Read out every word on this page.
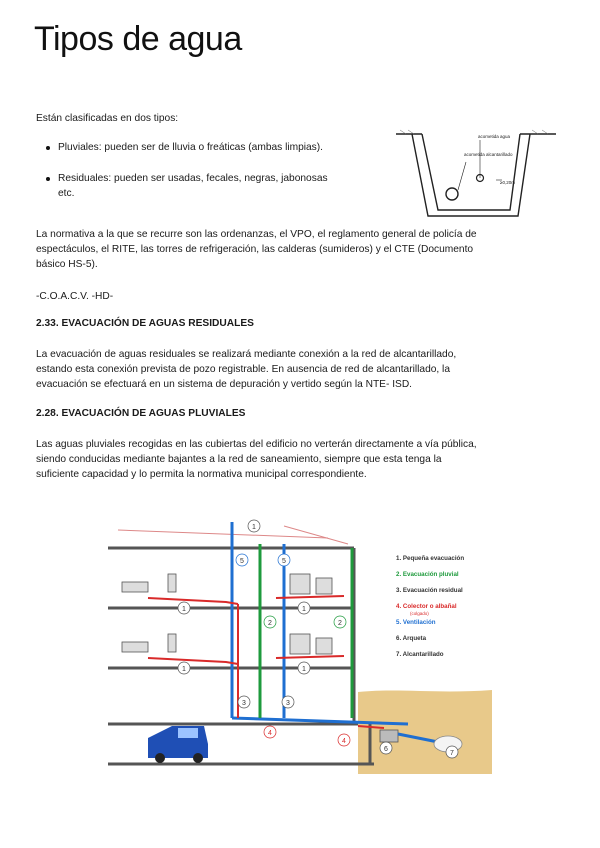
Tipos de agua

Están clasificadas en dos tipos:

Pluviales: pueden ser de lluvia o freáticas (ambas limpias).
Residuales: pueden ser usadas, fecales, negras, jabonosas
etc.
acometida agua
acometida alcantarillado
≥0,20m

La normativa a la que se recurre son las ordenanzas, el VPO, el reglamento general de policía de

espectáculos, el RITE, las torres de refrigeración, las calderas (sumideros) y el CTE (Documento

básico HS-5).

-C.O.A.C.V. -HD-

2.33. EVACUACIÓN DE AGUAS RESIDUALES

La evacuación de aguas residuales se realizará mediante conexión a la red de alcantarillado,

estando esta conexión prevista de pozo registrable. En ausencia de red de alcantarillado, la

evacuación se efectuará en un sistema de depuración y vertido según la NTE- ISD.

2.28. EVACUACIÓN DE AGUAS PLUVIALES

Las aguas pluviales recogidas en las cubiertas del edificio no verterán directamente a vía pública,

siendo conducidas mediante bajantes a la red de saneamiento, siempre que esta tenga la

suficiente capacidad y lo permita la normativa municipal correspondiente.

1
5	5
2	2
1	1
1	1
3	3
4
4
6
7
1. Pequeña evacuación
2. Evacuación pluvial
3. Evacuación residual
4. Colector o albañal
(colgado)
5. Ventilación
6. Arqueta
7. Alcantarillado
